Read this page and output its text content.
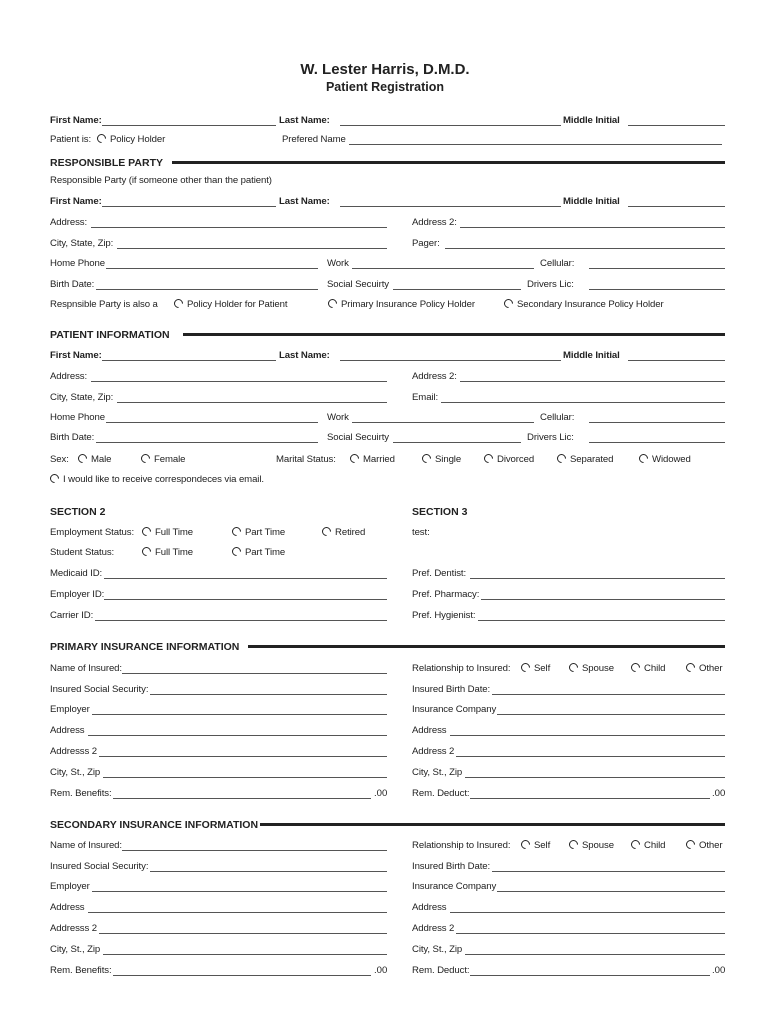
W. Lester Harris, D.M.D.
Patient Registration
First Name:	Last Name:	Middle Initial
Patient is:	Policy Holder	Prefered Name
RESPONSIBLE PARTY
Responsible Party (if someone other than the patient)
First Name:	Last Name:	Middle Initial
Address:	Address 2:
City, State, Zip:	Pager:
Home Phone	Work	Cellular:
Birth Date:	Social Secuirty	Drivers Lic:
Respnsible Party is also a	Policy Holder for Patient	Primary Insurance Policy Holder	Secondary Insurance Policy Holder
PATIENT INFORMATION
First Name:	Last Name:	Middle Initial
Address:	Address 2:
City, State, Zip:	Email:
Home Phone	Work	Cellular:
Birth Date:	Social Secuirty	Drivers Lic:
Sex:	Male	Female	Marital Status:	Married	Single	Divorced	Separated	Widowed
I would like to receive correspondeces via email.
SECTION 2	SECTION 3
Employment Status:	Full Time	Part Time	Retired	test:
Student Status:	Full Time	Part Time
Medicaid ID:	Pref. Dentist:
Employer ID:	Pref. Pharmacy:
Carrier ID:	Pref. Hygienist:
PRIMARY INSURANCE INFORMATION
Name of Insured:	Relationship to Insured:	Self	Spouse	Child	Other
Insured Social Security:	Insured Birth Date:
Employer	Insurance Company
Address	Address
Addresss 2	Address 2
City, St., Zip	City, St., Zip
Rem. Benefits:	.00	Rem. Deduct:	.00
SECONDARY INSURANCE INFORMATION
Name of Insured:	Relationship to Insured:	Self	Spouse	Child	Other
Insured Social Security:	Insured Birth Date:
Employer	Insurance Company
Address	Address
Addresss 2	Address 2
City, St., Zip	City, St., Zip
Rem. Benefits:	.00	Rem. Deduct:	.00
